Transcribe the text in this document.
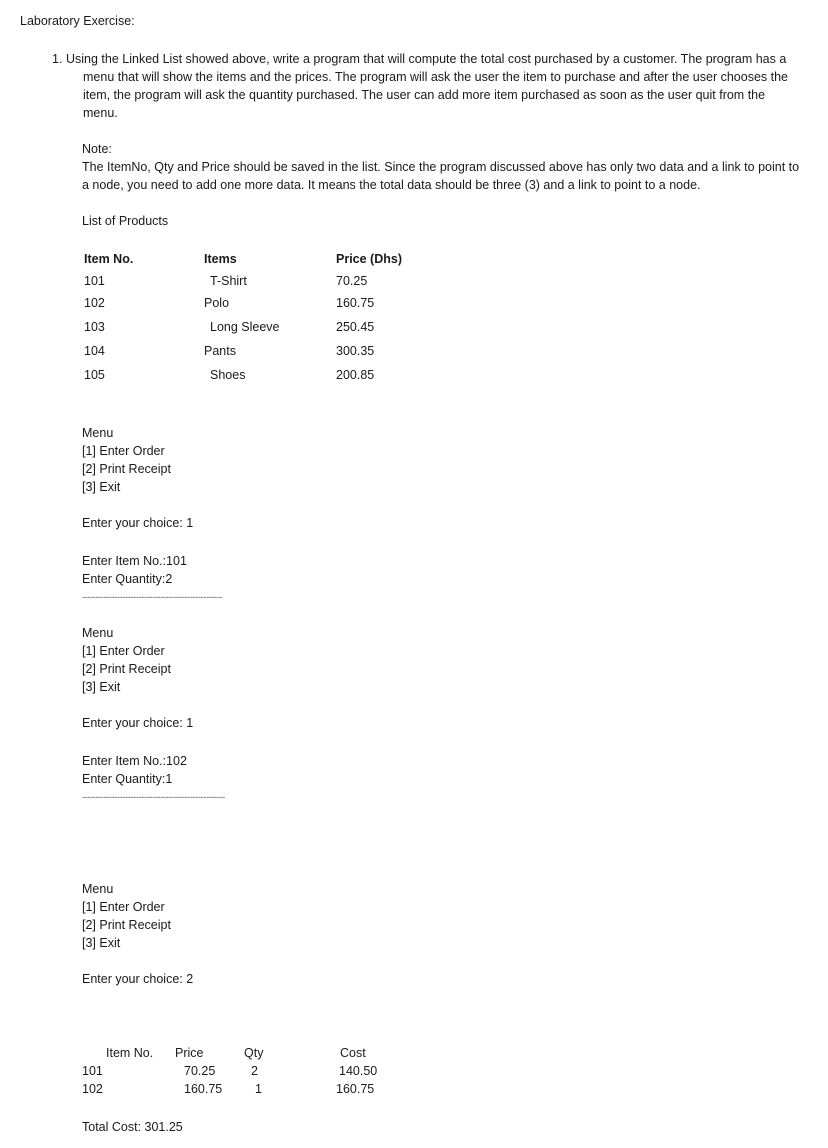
Laboratory Exercise:
1. Using the Linked List showed above, write a program that will compute the total cost purchased by a customer. The program has a
menu that will show the items and the prices. The program will ask the user the item to purchase and after the user chooses the
item, the program will ask the quantity purchased. The user can add more item purchased as soon as the user quit from the
menu.
Note:
The ItemNo, Qty and Price should be saved in the list. Since the program discussed above has only two data and a link to point to
a node, you need to add one more data. It means the total data should be three (3) and a link to point to a node.
List of Products
Item No.	Items	Price (Dhs)
101	T-Shirt	70.25
102	Polo	160.75
103	Long Sleeve	250.45
104	Pants	300.35
105	Shoes	200.85
Menu
[1] Enter Order
[2] Print Receipt
[3] Exit
Enter your choice: 1
Enter Item No.:101
Enter Quantity:2
----------------------------------------------------
Menu
[1] Enter Order
[2] Print Receipt
[3] Exit
Enter your choice: 1
Enter Item No.:102
Enter Quantity:1
-----------------------------------------------------
Menu
[1] Enter Order
[2] Print Receipt
[3] Exit
Enter your choice: 2
Item No. Price	Qty	Cost
101	70.25	2	140.50
102	160.75	1	160.75
Total Cost: 301.25
